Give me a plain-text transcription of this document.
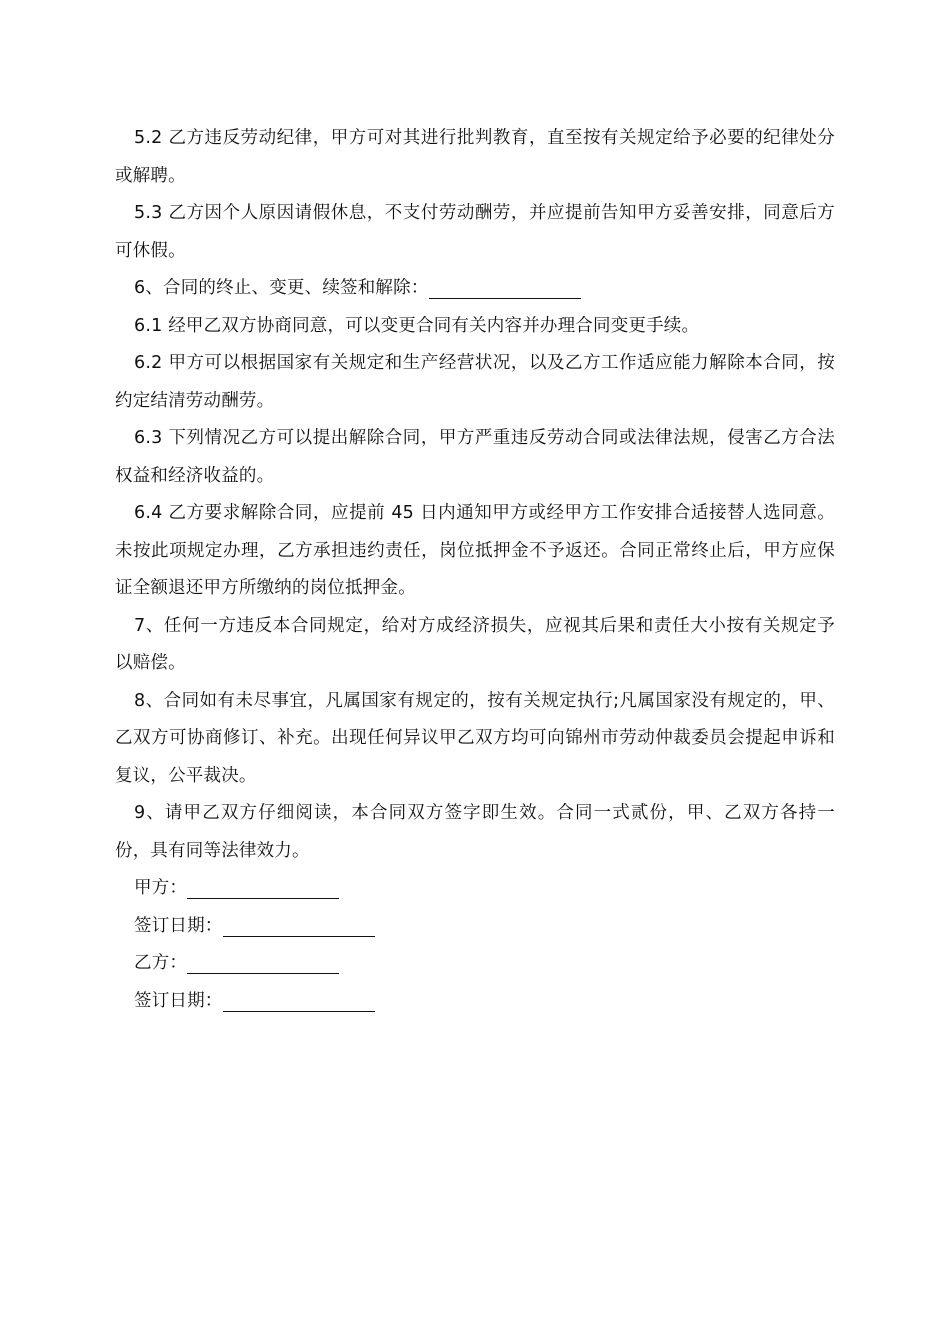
5.2 乙方违反劳动纪律，甲方可对其进行批判教育，直至按有关规定给予必要的纪律处分或解聘。

5.3 乙方因个人原因请假休息，不支付劳动酬劳，并应提前告知甲方妥善安排，同意后方可休假。

6、合同的终止、变更、续签和解除：

6.1 经甲乙双方协商同意，可以变更合同有关内容并办理合同变更手续。

6.2 甲方可以根据国家有关规定和生产经营状况，以及乙方工作适应能力解除本合同，按约定结清劳动酬劳。

6.3 下列情况乙方可以提出解除合同，甲方严重违反劳动合同或法律法规，侵害乙方合法权益和经济收益的。

6.4 乙方要求解除合同，应提前 45 日内通知甲方或经甲方工作安排合适接替人选同意。未按此项规定办理，乙方承担违约责任，岗位抵押金不予返还。合同正常终止后，甲方应保证全额退还甲方所缴纳的岗位抵押金。

7、任何一方违反本合同规定，给对方成经济损失，应视其后果和责任大小按有关规定予以赔偿。

8、合同如有未尽事宜，凡属国家有规定的，按有关规定执行;凡属国家没有规定的，甲、乙双方可协商修订、补充。出现任何异议甲乙双方均可向锦州市劳动仲裁委员会提起申诉和复议，公平裁决。

9、请甲乙双方仔细阅读，本合同双方签字即生效。合同一式贰份，甲、乙双方各持一份，具有同等法律效力。

甲方：

签订日期：

乙方：

签订日期：
